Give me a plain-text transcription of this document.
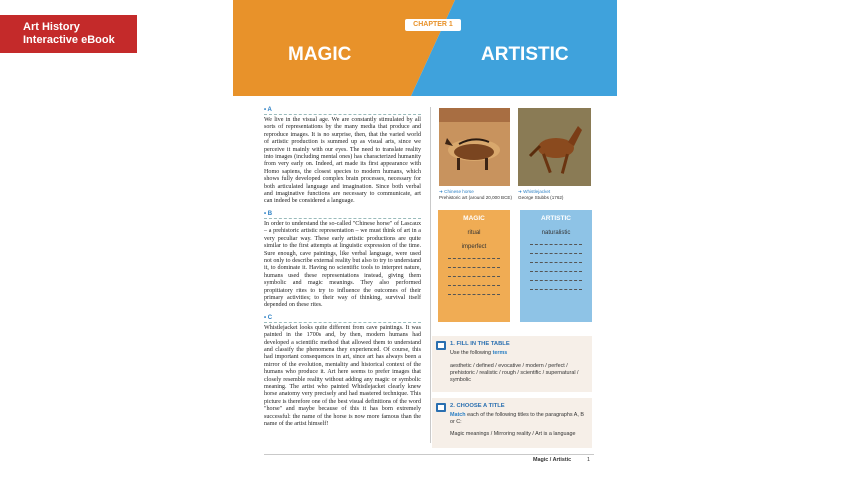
Art History
Interactive eBook
CHAPTER 1
MAGIC	ARTISTIC
• A

We live in the visual age. We are constantly stimulated by all sorts of representations by the many media that produce and reproduce images. It is no surprise, then, that the varied world of artistic production is summed up as visual arts, since we perceive it mainly with our eyes. The need to translate reality into images (including mental ones) has characterized humanity from very early on. Indeed, art made its first appearance with Homo sapiens, the closest species to modern humans, which shows fully developed complex brain processes, necessary for both articulated language and imagination. Since both verbal and imaginative functions are necessary to communicate, art can indeed be considered a language.

• B

In order to understand the so-called "Chinese horse" of Lascaux – a prehistoric artistic representation – we must think of art in a very peculiar way. These early artistic productions are quite similar to the first attempts at linguistic expression of the time. Sure enough, cave paintings, like verbal language, were used not only to describe external reality but also to try to understand it, to dominate it. Having no scientific tools to interpret nature, humans used these representations instead, giving them symbolic and magic meanings. They also performed propitiatory rites to try to influence the outcomes of their primary activities; to their way of thinking, survival itself depended on these rites.

• C

Whistlejacket looks quite different from cave paintings. It was painted in the 1700s and, by then, modern humans had developed a scientific method that allowed them to understand and classify the phenomena they experienced. Of course, this had important consequences in art, since art has always been a mirror of the evolution, mentality and historical context of the humans who produce it. Art here seems to prefer images that closely resemble reality without adding any magic or symbolic meaning. The artist who painted Whistlejacket clearly knew horse anatomy very precisely and had mastered technique. This picture is therefore one of the best visual definitions of the word "horse" and maybe because of this it has born extremely successful: the name of the horse is now more famous than the name of the artist himself!

➜ Chinese horse
Prehistoric art (around 20,000 BCE)
➜ Whistlejacket
George Stubbs (1762)
MAGIC
ritual
imperfect
ARTISTIC
naturalistic
1. FILL IN THE TABLE
Use the following terms
aesthetic / defined / evocative / modern / perfect / prehistoric / realistic / rough / scientific / supernatural / symbolic
2. CHOOSE A TITLE
Match each of the following titles to the paragraphs A, B or C:
Magic meanings / Mirroring reality / Art is a language
Magic / Artistic	1
